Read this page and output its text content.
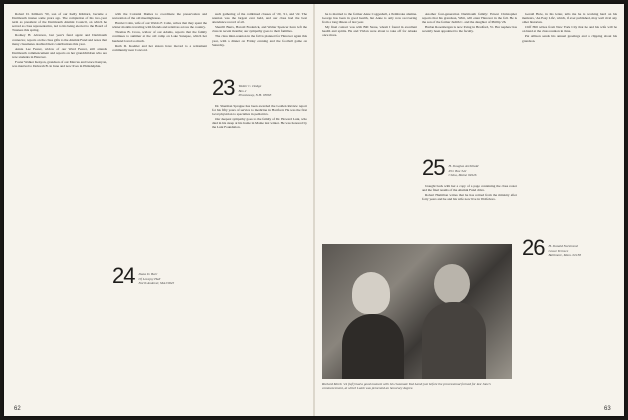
Robert D. Kilmarx '50, son of our Kelly Kilmarx, became a Dartmouth trustee some years ago. The completion of his two-year term as president of the Dartmouth Alumni Council, on which he served as class representative, led to his being elected to the Board of Trustees this spring.

Rodney H. Alverson, last year's fund agent and Dartmouth connector, reports on the class gifts to the Alumni Fund and notes that many classmates doubled their contributions this year.

Annie Lee Fearer, widow of our Ward Fearer, still attends Dartmouth commencement and reports on her grandchildren who are now students in Hanover.

Foster Walker Kenyon, grandson of our Marcus and Grace Kenyon, was married to Deborah B. in June and now lives in Philadelphia.

with the Colonial Dames to coordinate the preservation and restoration of the old meetinghouse.

Harriet Cohn, wife of our Waldo F. Cohn, writes that they spent the winter months traveling with friends and relatives across the country.

Thomas B. Cross, widow of our Adams, reports that the family continues to summer at the old camp on Lake Sunapee, which her husband loved so much.

Ruth D. Koehler and her sisters have moved to a retirement community near Concord.

23 Walter C. Dodge
Box 2
Piscataway, N.H. 03063

such gathering of the combined classes of '20, '21, and '22. The reunion was the largest ever held, and our class had the best attendance record of all.

Sherrill Burrs, Harold Frederick, and Walter Spencer have left the class in recent months; our sympathy goes to their families.

The class mini-reunion in the fall is planned for Hanover again this year, with a dinner on Friday evening and the football game on Saturday.

Dr. Sherman Sprague has been awarded the Golden Review report for his fifty years of service to medicine in Hartford. He was the first local physician to specialize in pediatrics.

Our deepest sympathy goes to the family of Dr. Howard Lunt, who died in his sleep at his home in Maine last winter. He was honored by the Lunt Foundation.

24 Dana D. Barr
Of Lovejoy Hall
North Andover, MA 01845
62

he is married to the former Anne Coggeshall, a Pembroke alumna. George has been in good health, but Anne is only now recovering from a long illness of last year.

My final contact was with Bill Stone, whom I found in excellent health and spirits. He and Vivian were about to take off for Alaska once more.

Another four-generation Dartmouth family: Ernest Christopher reports that his grandson, Whit, will enter Hanover in the fall. He is the son of the former Judith C. and the daughter of Phillip '26.

Harlan Rosenbergen is now living in Bradford, Vt. Her nephew has recently been appointed to the faculty.

25 H. Douglas Archibald
P.O. Box 342
China, Maine 04926

Gerald Hole, in his letter, tells me he is working hard on his memoirs, 'An Easy Life', which, if ever published, may well rival any other historian.

Cliff Hill writes from New York City that he and his wife will be on hand at the class reunion in June.

Pat Allison sends his annual greetings and a clipping about his grandson.

26 H. Donald Norstrand
Grace Terrace
Baltimore, Mass. 02138

brought back with her a copy of a page containing the class roster and the final results of the Alumni Fund drive.

Robert Hamilton writes that he has retired from the ministry after forty years and he and his wife now live in Wolfeboro.

Richard Morin '24 (left) had a good moment with his classmate Tad Lamb just before the processional formed for last June's commencement, at which Lamb was presented an honorary degree.
63
